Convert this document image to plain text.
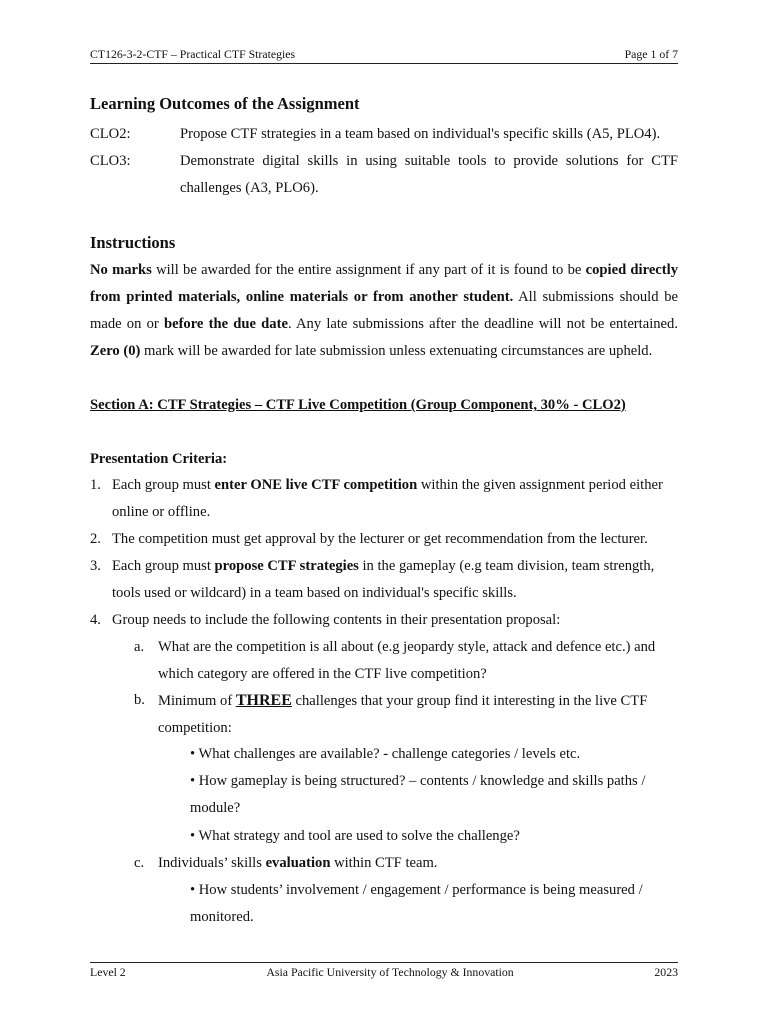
CT126-3-2-CTF – Practical CTF Strategies	Page 1 of 7
Learning Outcomes of the Assignment
CLO2:	Propose CTF strategies in a team based on individual's specific skills (A5, PLO4).
CLO3:	Demonstrate digital skills in using suitable tools to provide solutions for CTF challenges (A3, PLO6).
Instructions
No marks will be awarded for the entire assignment if any part of it is found to be copied directly from printed materials, online materials or from another student. All submissions should be made on or before the due date. Any late submissions after the deadline will not be entertained. Zero (0) mark will be awarded for late submission unless extenuating circumstances are upheld.
Section A: CTF Strategies – CTF Live Competition (Group Component, 30% - CLO2)
Presentation Criteria:
1. Each group must enter ONE live CTF competition within the given assignment period either online or offline.
2. The competition must get approval by the lecturer or get recommendation from the lecturer.
3. Each group must propose CTF strategies in the gameplay (e.g team division, team strength, tools used or wildcard) in a team based on individual's specific skills.
4. Group needs to include the following contents in their presentation proposal:
a. What are the competition is all about (e.g jeopardy style, attack and defence etc.) and which category are offered in the CTF live competition?
b. Minimum of THREE challenges that your group find it interesting in the live CTF competition:
• What challenges are available? - challenge categories / levels etc.
• How gameplay is being structured? – contents / knowledge and skills paths / module?
• What strategy and tool are used to solve the challenge?
c. Individuals’ skills evaluation within CTF team.
• How students’ involvement / engagement / performance is being measured / monitored.
Level 2	Asia Pacific University of Technology & Innovation	2023
